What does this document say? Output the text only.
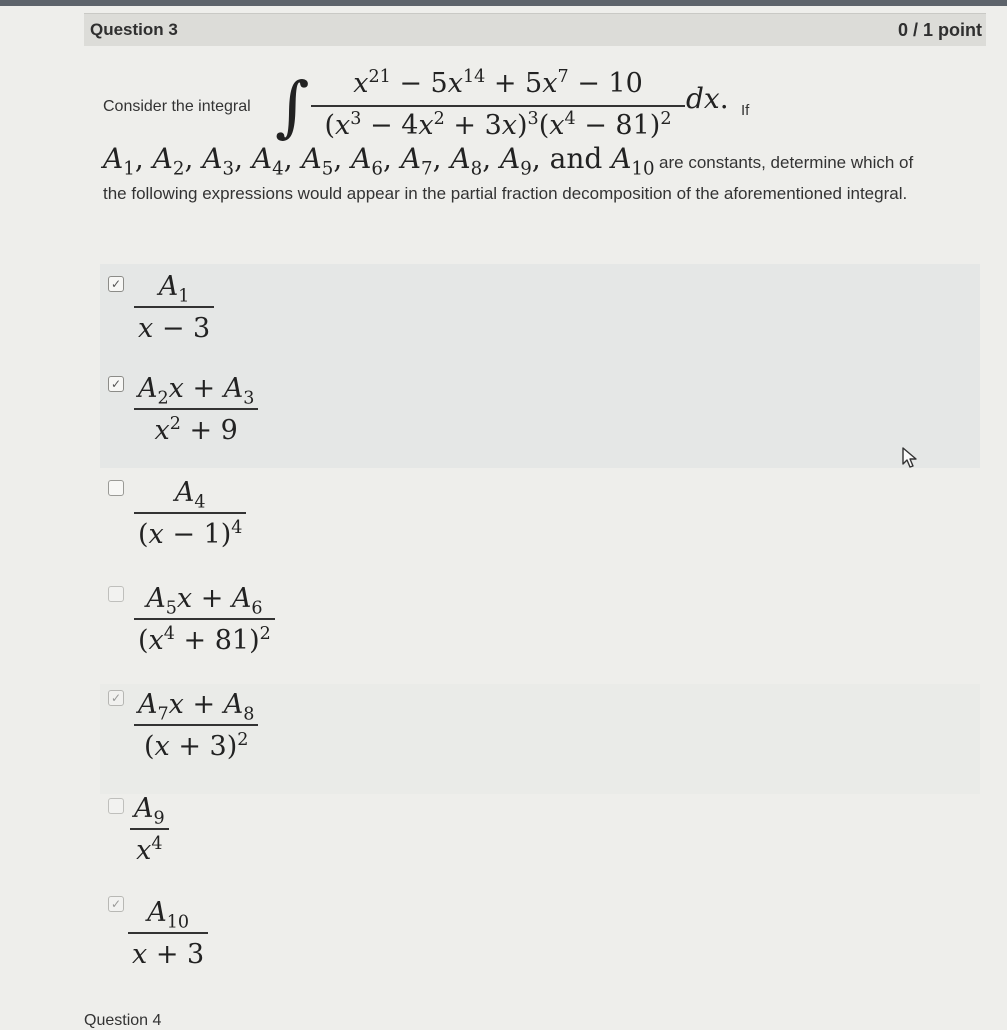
Question 3	0 / 1 point
Consider the integral ∫	$x^{21} - 5x^{14} + 5x^7 - 10$
$(x^3 - 4x^2 + 3x)^3(x^4 - 81)^2$
dx. If
$A_1$, $A_2$, $A_3$, $A_4$, $A_5$, $A_6$, $A_7$, $A_8$, $A_9$, and $A_{10}$ are constants, determine which of
the following expressions would appear in the partial fraction decomposition of the aforementioned integral.
✓	$A_1$
x − 3
✓ $A_2x + A_3$
$x^2 + 9$
$A_4$
$(x - 1)^4$
$A_5x + A_6$
$(x^4 + 81)^2$
✓ $A_7x + A_8$
$(x + 3)^2$
$A_9$
$x^4$
✓ $A_{10}$
x + 3
Question 4
